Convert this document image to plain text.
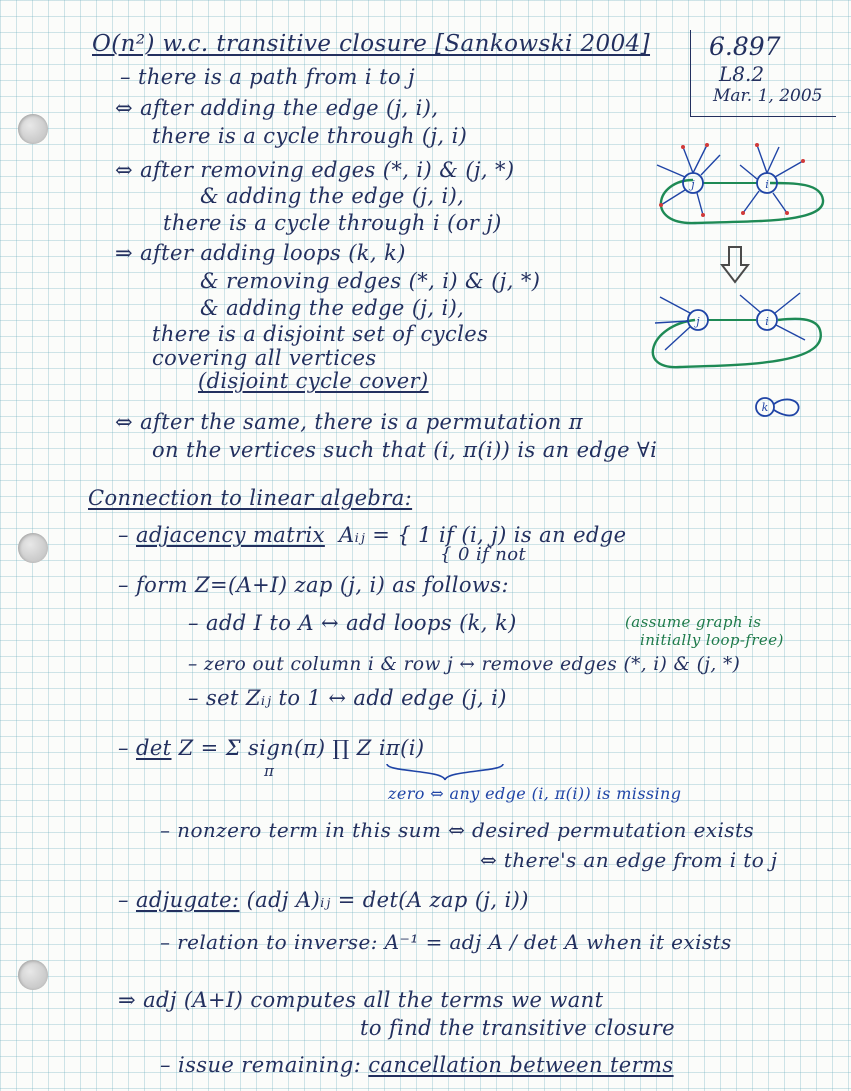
6.897
L8.2
Mar. 1, 2005
O(n²) w.c. transitive closure [Sankowski 2004]
– there is a path from i to j
⇔ after adding the edge (j, i),
there is a cycle through (j, i)
⇔ after removing edges (*, i) & (j, *)
& adding the edge (j, i),
there is a cycle through i (or j)
⇒ after adding loops (k, k)
& removing edges (*, i) & (j, *)
& adding the edge (j, i),
there is a disjoint set of cycles
covering all vertices
(disjoint cycle cover)
⇔ after the same, there is a permutation π
on the vertices such that (i, π(i)) is an edge ∀i
j	i
j	i
k
Connection to linear algebra:
– adjacency matrix Aᵢⱼ = { 1 if (i, j) is an edge
{ 0 if not
– form Z=(A+I) zap (j, i) as follows:
– add I to A ↔ add loops (k, k)	(assume graph is
initially loop-free)
– zero out column i & row j ↔ remove edges (*, i) & (j, *)
– set Zᵢⱼ to 1 ↔ add edge (j, i)
– det Z = Σ sign(π) ∏ Z iπ(i)
π
zero ⇔ any edge (i, π(i)) is missing
– nonzero term in this sum ⇔ desired permutation exists
⇔ there's an edge from i to j
– adjugate: (adj A)ᵢⱼ = det(A zap (j, i))
– relation to inverse: A⁻¹ = adj A / det A when it exists
⇒ adj (A+I) computes all the terms we want
to find the transitive closure
– issue remaining: cancellation between terms
